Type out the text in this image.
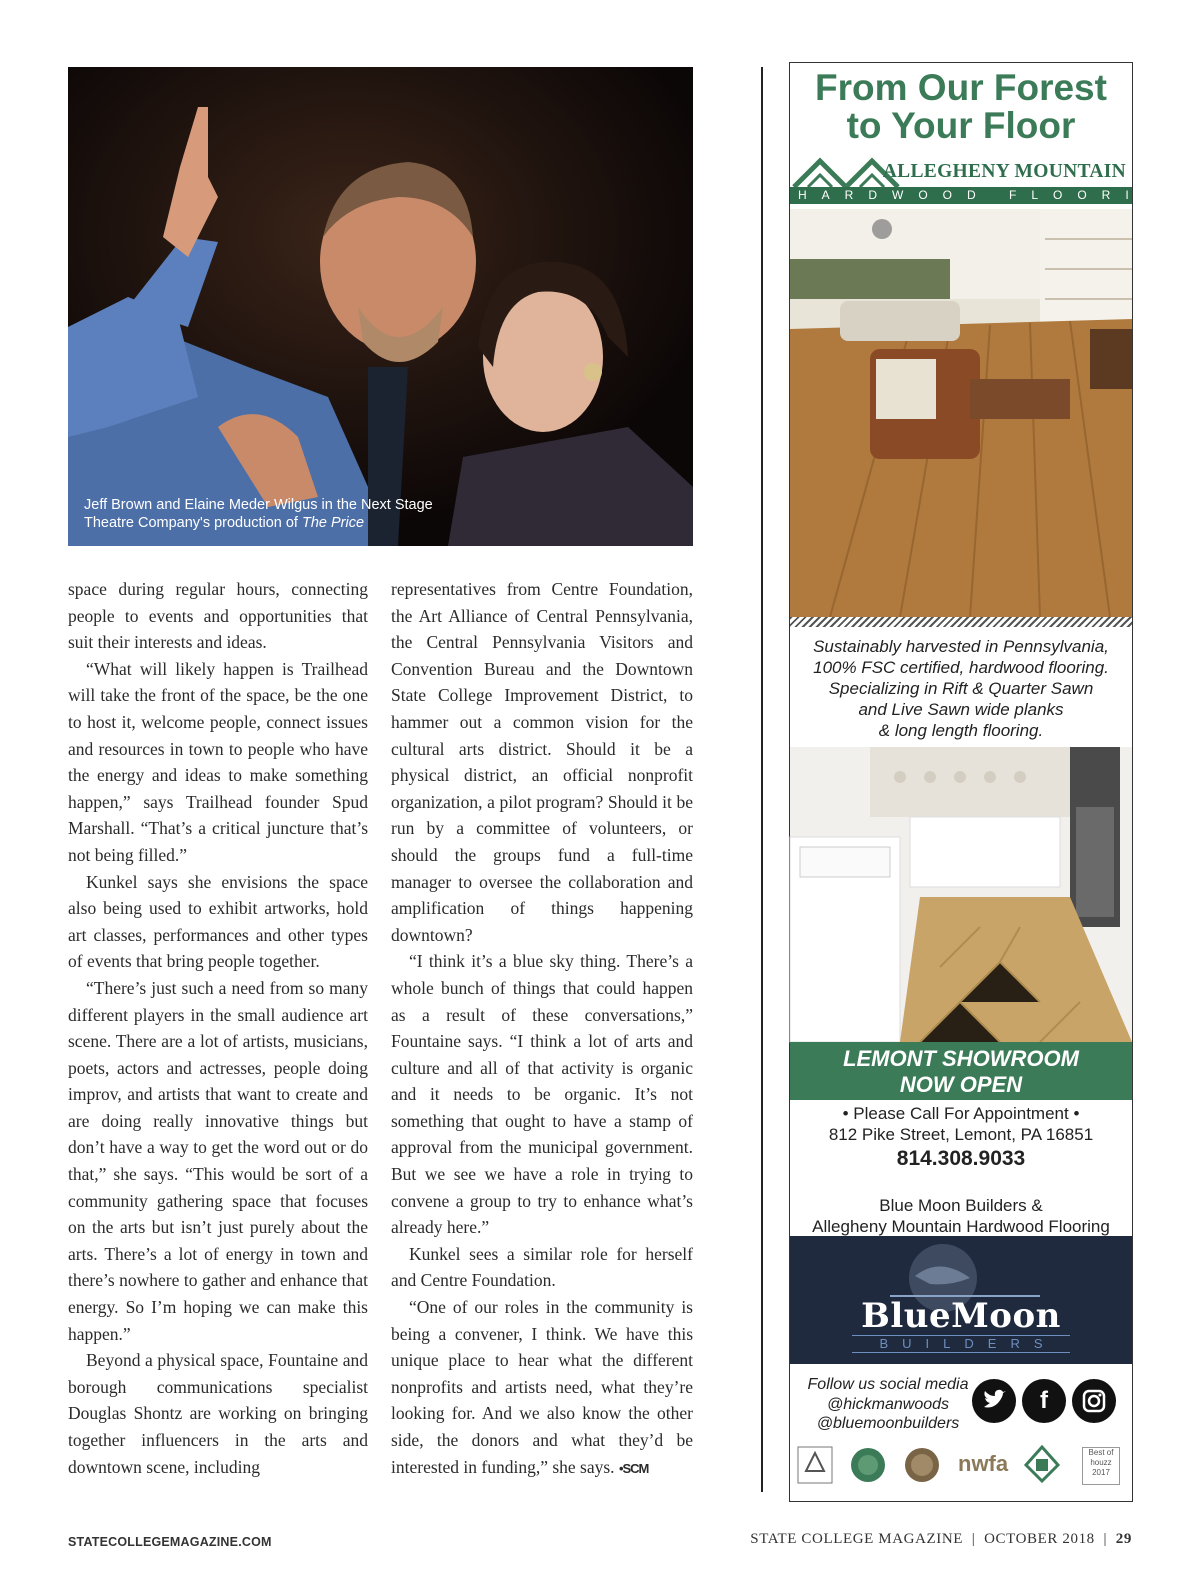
Jeff Brown and Elaine Meder Wilgus in the Next Stage
Theatre Company's production of The Price

space during regular hours, connecting people to events and opportunities that suit their interests and ideas.

“What will likely happen is Trailhead will take the front of the space, be the one to host it, welcome people, connect issues and resources in town to people who have the energy and ideas to make something happen,” says Trailhead founder Spud Marshall. “That’s a critical juncture that’s not being filled.”

Kunkel says she envisions the space also being used to exhibit artworks, hold art classes, performances and other types of events that bring people together.

“There’s just such a need from so many different players in the small audience art scene. There are a lot of artists, musicians, poets, actors and actresses, people doing improv, and artists that want to create and are doing really innovative things but don’t have a way to get the word out or do that,” she says. “This would be sort of a community gathering space that focuses on the arts but isn’t just purely about the arts. There’s a lot of energy in town and there’s nowhere to gather and enhance that energy. So I’m hoping we can make this happen.”

Beyond a physical space, Fountaine and borough communications specialist Douglas Shontz are working on bringing together influencers in the arts and downtown scene, including

representatives from Centre Foundation, the Art Alliance of Central Pennsylvania, the Central Pennsylvania Visitors and Convention Bureau and the Downtown State College Improvement District, to hammer out a common vision for the cultural arts district. Should it be a physical district, an official nonprofit organization, a pilot program? Should it be run by a committee of volunteers, or should the groups fund a full-time manager to oversee the collaboration and amplification of things happening downtown?

“I think it’s a blue sky thing. There’s a whole bunch of things that could happen as a result of these conversations,” Fountaine says. “I think a lot of arts and culture and all of that activity is organic and it needs to be organic. It’s not something that ought to have a stamp of approval from the municipal government. But we see we have a role in trying to convene a group to try to enhance what’s already here.”

Kunkel sees a similar role for herself and Centre Foundation.

“One of our roles in the community is being a convener, I think. We have this unique place to hear what the different nonprofits and artists need, what they’re looking for. And we also know the other side, the donors and what they’d be interested in funding,” she says. •SCM

From Our Forest
to Your Floor
ALLEGHENY MOUNTAIN
HARDWOOD FLOORING
Sustainably harvested in Pennsylvania,
100% FSC certified, hardwood flooring.
Specializing in Rift & Quarter Sawn
and Live Sawn wide planks
& long length flooring.
LEMONT SHOWROOM
NOW OPEN
• Please Call For Appointment •
812 Pike Street, Lemont, PA 16851
814.308.9033
Blue Moon Builders &
Allegheny Mountain Hardwood Flooring
BlueMoon
BUILDERS
Follow us social media
@hickmanwoods
@bluemoonbuilders
f
nwfa	Best of houzz 2017
STATECOLLEGEMAGAZINE.COM	STATE COLLEGE MAGAZINE  |  OCTOBER 2018  |  29
